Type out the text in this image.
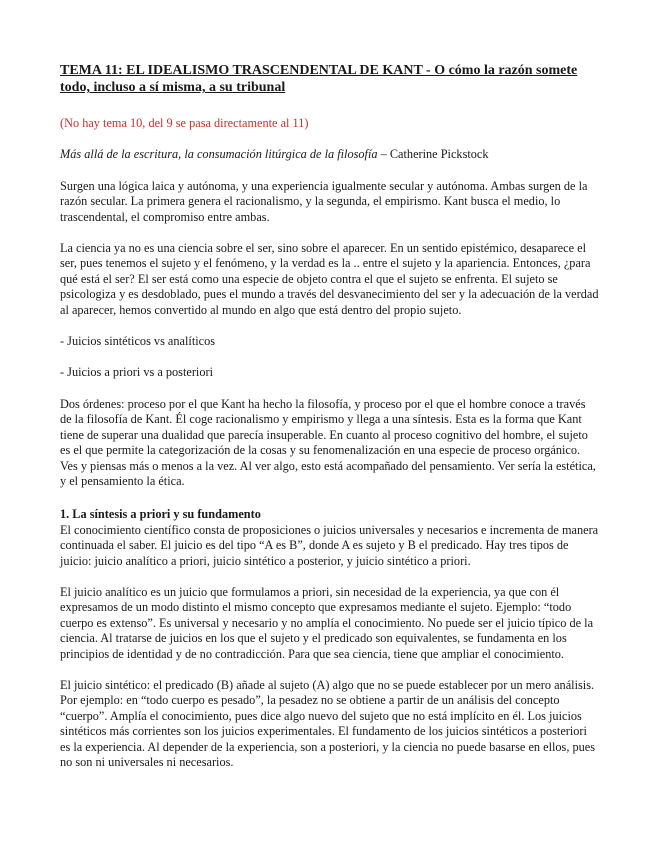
TEMA 11: EL IDEALISMO TRASCENDENTAL DE KANT - O cómo la razón somete todo, incluso a sí misma, a su tribunal
(No hay tema 10, del 9 se pasa directamente al 11)
Más allá de la escritura, la consumación litúrgica de la filosofía – Catherine Pickstock
Surgen una lógica laica y autónoma, y una experiencia igualmente secular y autónoma. Ambas surgen de la razón secular. La primera genera el racionalismo, y la segunda, el empirismo. Kant busca el medio, lo trascendental, el compromiso entre ambas.
La ciencia ya no es una ciencia sobre el ser, sino sobre el aparecer. En un sentido epistémico, desaparece el ser, pues tenemos el sujeto y el fenómeno, y la verdad es la .. entre el sujeto y la apariencia. Entonces, ¿para qué está el ser? El ser está como una especie de objeto contra el que el sujeto se enfrenta. El sujeto se psicologiza y es desdoblado, pues el mundo a través del desvanecimiento del ser y la adecuación de la verdad al aparecer, hemos convertido al mundo en algo que está dentro del propio sujeto.
- Juicios sintéticos vs analíticos
- Juicios a priori vs a posteriori
Dos órdenes: proceso por el que Kant ha hecho la filosofía, y proceso por el que el hombre conoce a través de la filosofía de Kant. Él coge racionalismo y empirismo y llega a una síntesis. Esta es la forma que Kant tiene de superar una dualidad que parecía insuperable. En cuanto al proceso cognitivo del hombre, el sujeto es el que permite la categorización de la cosas y su fenomenalización en una especie de proceso orgánico. Ves y piensas más o menos a la vez. Al ver algo, esto está acompañado del pensamiento. Ver sería la estética, y el pensamiento la ética.
1. La síntesis a priori y su fundamento
El conocimiento científico consta de proposiciones o juicios universales y necesarios e incrementa de manera continuada el saber. El juicio es del tipo “A es B”, donde A es sujeto y B el predicado. Hay tres tipos de juicio: juicio analítico a priori, juicio sintético a posterior, y juicio sintético a priori.
El juicio analítico es un juicio que formulamos a priori, sin necesidad de la experiencia, ya que con él expresamos de un modo distinto el mismo concepto que expresamos mediante el sujeto. Ejemplo: “todo cuerpo es extenso”. Es universal y necesario y no amplía el conocimiento. No puede ser el juicio típico de la ciencia. Al tratarse de juicios en los que el sujeto y el predicado son equivalentes, se fundamenta en los principios de identidad y de no contradicción. Para que sea ciencia, tiene que ampliar el conocimiento.
El juicio sintético: el predicado (B) añade al sujeto (A) algo que no se puede establecer por un mero análisis. Por ejemplo: en “todo cuerpo es pesado”, la pesadez no se obtiene a partir de un análisis del concepto “cuerpo”. Amplía el conocimiento, pues dice algo nuevo del sujeto que no está implícito en él. Los juicios sintéticos más corrientes son los juicios experimentales. El fundamento de los juicios sintéticos a posteriori es la experiencia. Al depender de la experiencia, son a posteriori, y la ciencia no puede basarse en ellos, pues no son ni universales ni necesarios.
